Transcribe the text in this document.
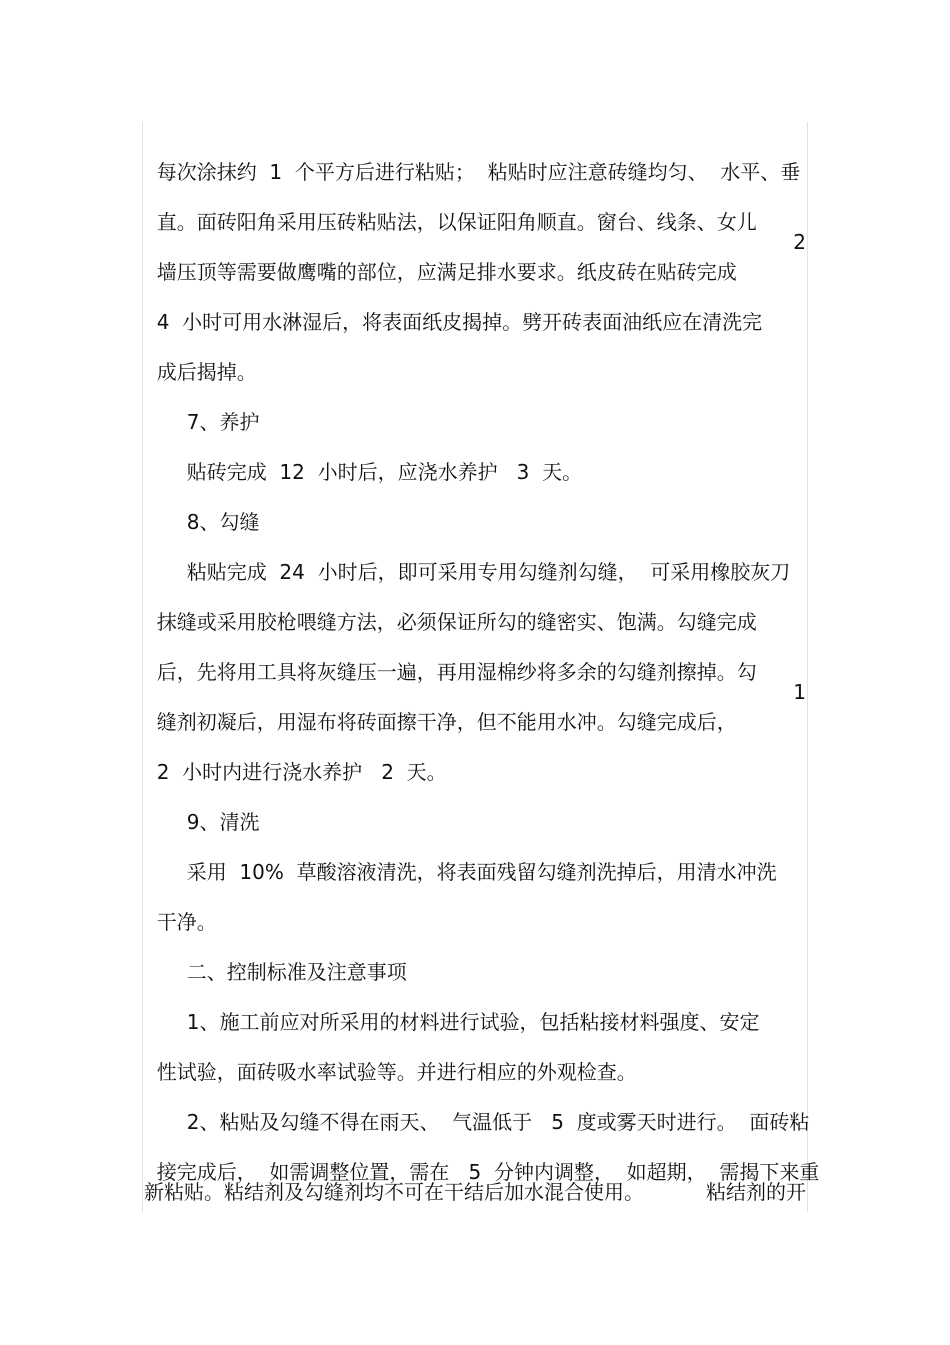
每次涂抹约  1  个平方后进行粘贴；  粘贴时应注意砖缝均匀、  水平、垂

直。面砖阳角采用压砖粘贴法，以保证阳角顺直。窗台、线条、女儿

墙压顶等需要做鹰嘴的部位，应满足排水要求。纸皮砖在贴砖完成

2

4  小时可用水淋湿后，将表面纸皮揭掉。劈开砖表面油纸应在清洗完

成后揭掉。

7、养护

贴砖完成  12  小时后，应浇水养护   3  天。

8、勾缝

粘贴完成  24  小时后，即可采用专用勾缝剂勾缝，  可采用橡胶灰刀

抹缝或采用胶枪喂缝方法，必须保证所勾的缝密实、饱满。勾缝完成

后，先将用工具将灰缝压一遍，再用湿棉纱将多余的勾缝剂擦掉。勾

缝剂初凝后，用湿布将砖面擦干净，但不能用水冲。勾缝完成后，

1

2  小时内进行浇水养护   2  天。

9、清洗

采用  10%  草酸溶液清洗，将表面残留勾缝剂洗掉后，用清水冲洗

干净。

二、控制标准及注意事项

1、施工前应对所采用的材料进行试验，包括粘接材料强度、安定

性试验，面砖吸水率试验等。并进行相应的外观检查。

2、粘贴及勾缝不得在雨天、  气温低于   5  度或雾天时进行。  面砖粘

接完成后，  如需调整位置，需在   5  分钟内调整，  如超期，  需揭下来重

新粘贴。粘结剂及勾缝剂均不可在干结后加水混合使用。	粘结剂的开
